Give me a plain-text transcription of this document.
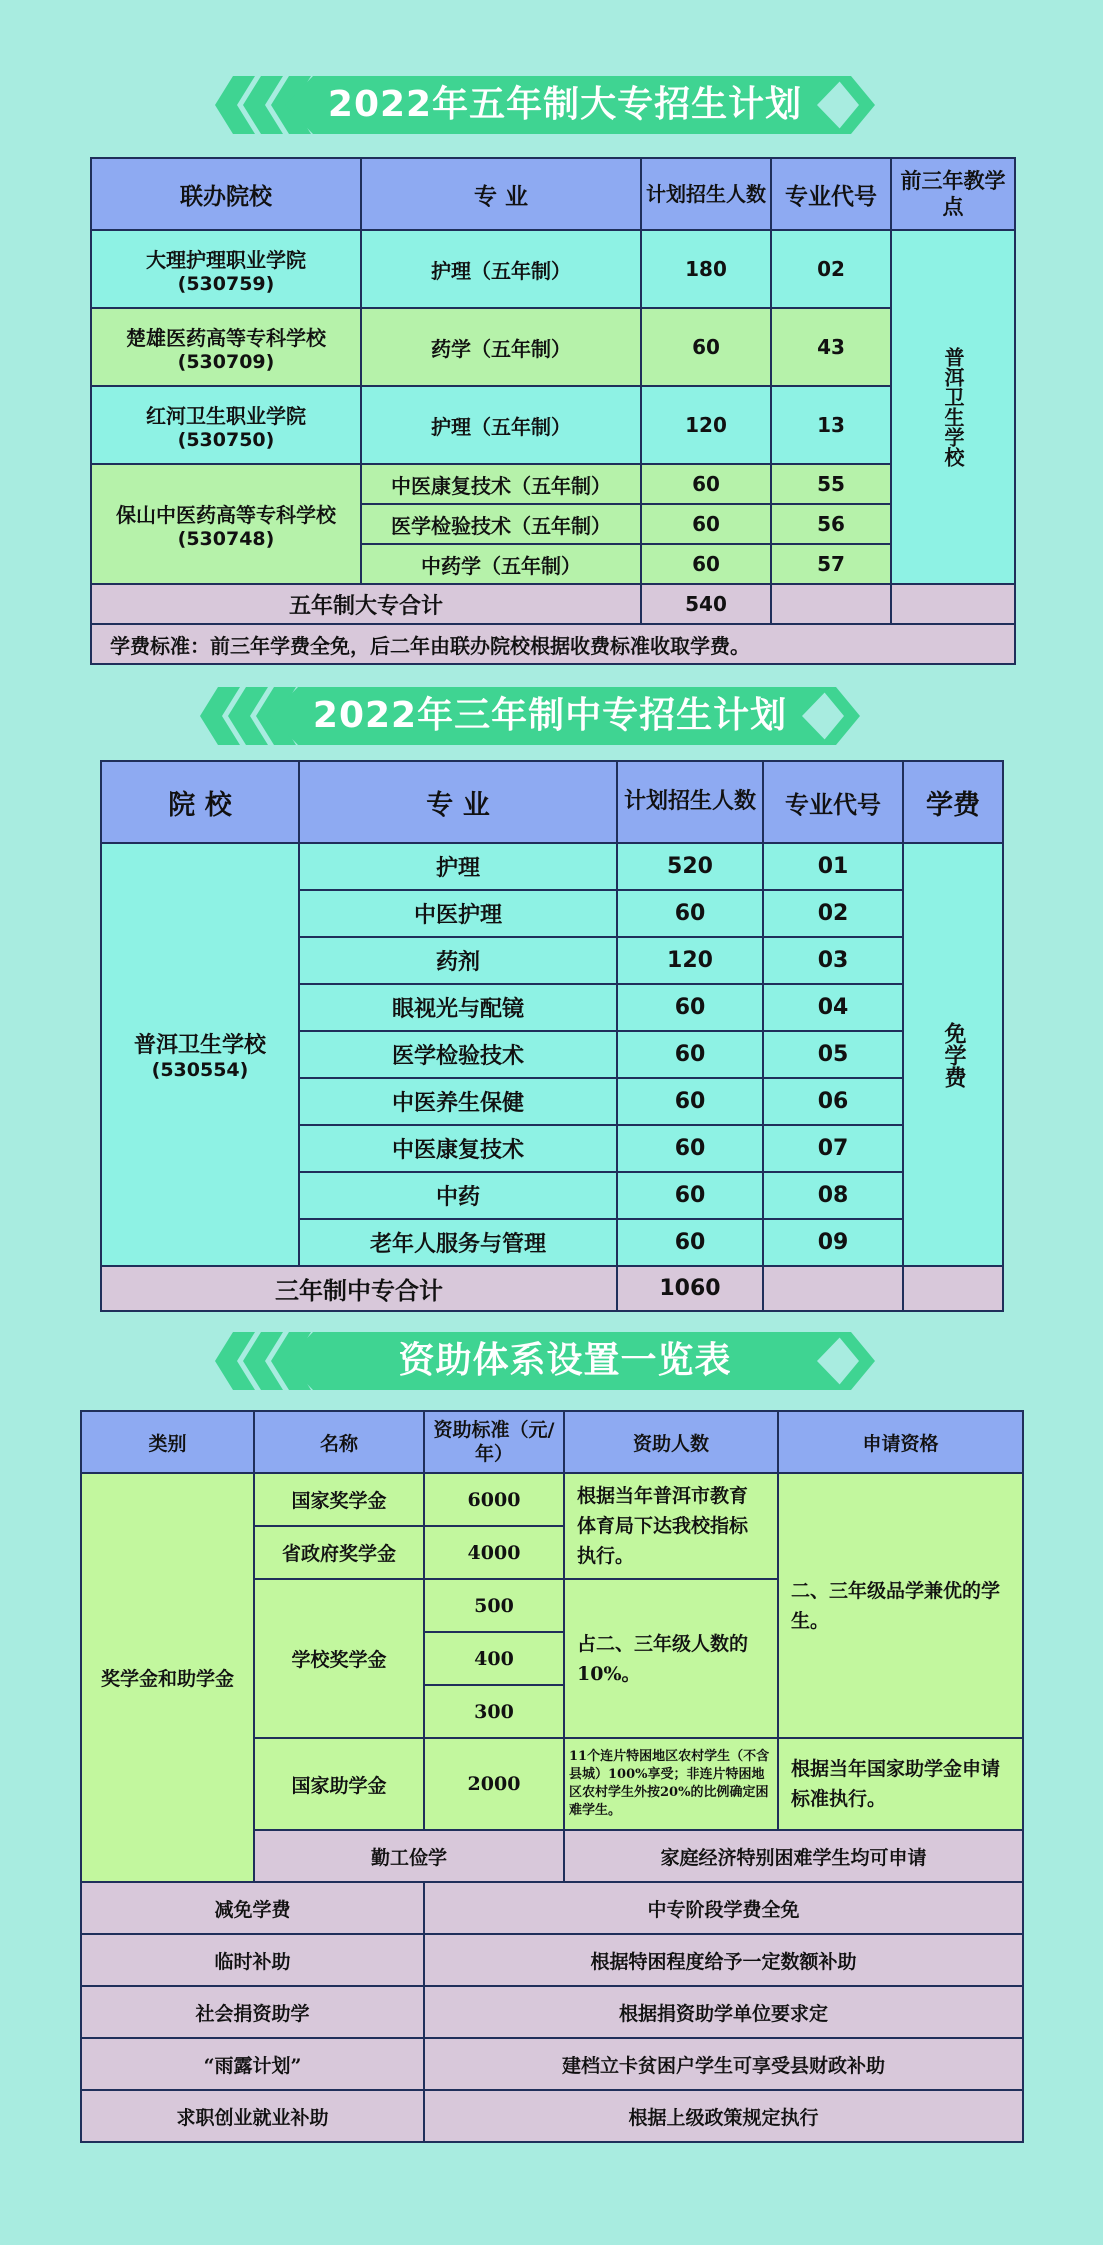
2022年五年制大专招生计划
联办院校	专 业	计划招生人数	专业代号	前三年教学点

大理护理职业学院
(530759)	护理（五年制）	180	02	普洱卫生学校

楚雄医药高等专科学校
(530709)	药学（五年制）	60	43	

红河卫生职业学院
(530750)	护理（五年制）	120	13	

保山中医药高等专科学校
(530748)	中医康复技术（五年制）	60	55	
	医学检验技术（五年制）	60	56	
	中药学（五年制）	60	57	
五年制大专合计		540		
学费标准：前三年学费全免，后二年由联办院校根据收费标准收取学费。				
2022年三年制中专招生计划
院 校	专 业	计划招生人数	专业代号	学费

普洱卫生学校
(530554)	护理	520	01	免学费
	中医护理	60	02	
	药剂	120	03	
	眼视光与配镜	60	04	
	医学检验技术	60	05	
	中医养生保健	60	06	
	中医康复技术	60	07	
	中药	60	08	
	老年人服务与管理	60	09	
三年制中专合计		1060		
资助体系设置一览表
类别	名称	资助标准（元/年）	资助人数	申请资格
奖学金和助学金	国家奖学金	6000	根据当年普洱市教育体育局下达我校指标执行。	二、三年级品学兼优的学生。
	省政府奖学金	4000		
	学校奖学金	500	占二、三年级人数的10%。	
		400		
		300		
	国家助学金	2000	11个连片特困地区农村学生（不含县城）100%享受；非连片特困地区农村学生外按20%的比例确定困难学生。	根据当年国家助学金申请标准执行。
	勤工俭学		家庭经济特别困难学生均可申请	
减免学费		中专阶段学费全免		
临时补助		根据特困程度给予一定数额补助		
社会捐资助学		根据捐资助学单位要求定		
“雨露计划”		建档立卡贫困户学生可享受县财政补助		
求职创业就业补助		根据上级政策规定执行		
